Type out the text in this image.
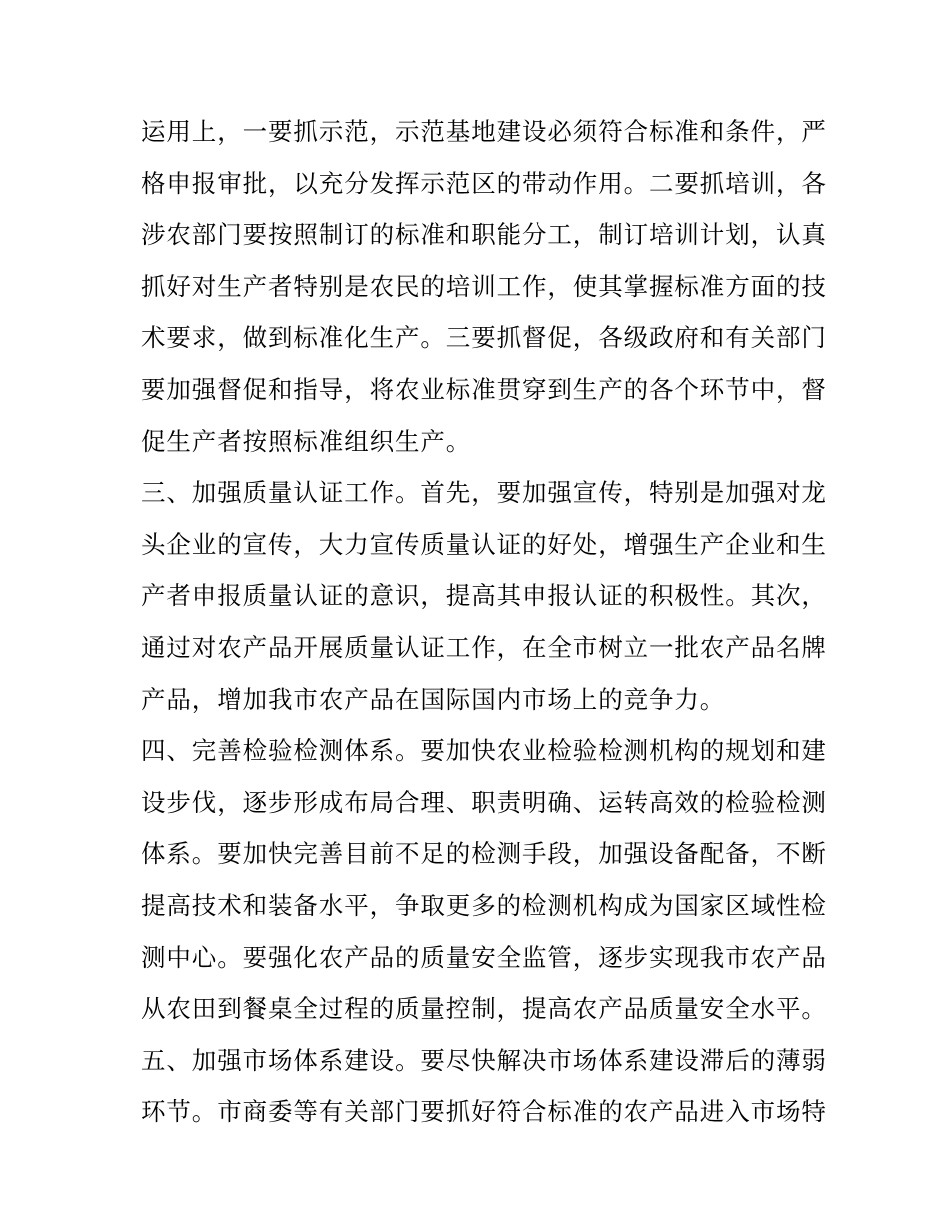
运用上，一要抓示范，示范基地建设必须符合标准和条件，严
格申报审批，以充分发挥示范区的带动作用。二要抓培训，各
涉农部门要按照制订的标准和职能分工，制订培训计划，认真
抓好对生产者特别是农民的培训工作，使其掌握标准方面的技
术要求，做到标准化生产。三要抓督促，各级政府和有关部门
要加强督促和指导，将农业标准贯穿到生产的各个环节中，督
促生产者按照标准组织生产。
三、加强质量认证工作。首先，要加强宣传，特别是加强对龙
头企业的宣传，大力宣传质量认证的好处，增强生产企业和生
产者申报质量认证的意识，提高其申报认证的积极性。其次，
通过对农产品开展质量认证工作，在全市树立一批农产品名牌
产品，增加我市农产品在国际国内市场上的竞争力。
四、完善检验检测体系。要加快农业检验检测机构的规划和建
设步伐，逐步形成布局合理、职责明确、运转高效的检验检测
体系。要加快完善目前不足的检测手段，加强设备配备，不断
提高技术和装备水平，争取更多的检测机构成为国家区域性检
测中心。要强化农产品的质量安全监管，逐步实现我市农产品
从农田到餐桌全过程的质量控制，提高农产品质量安全水平。
五、加强市场体系建设。要尽快解决市场体系建设滞后的薄弱
环节。市商委等有关部门要抓好符合标准的农产品进入市场特
